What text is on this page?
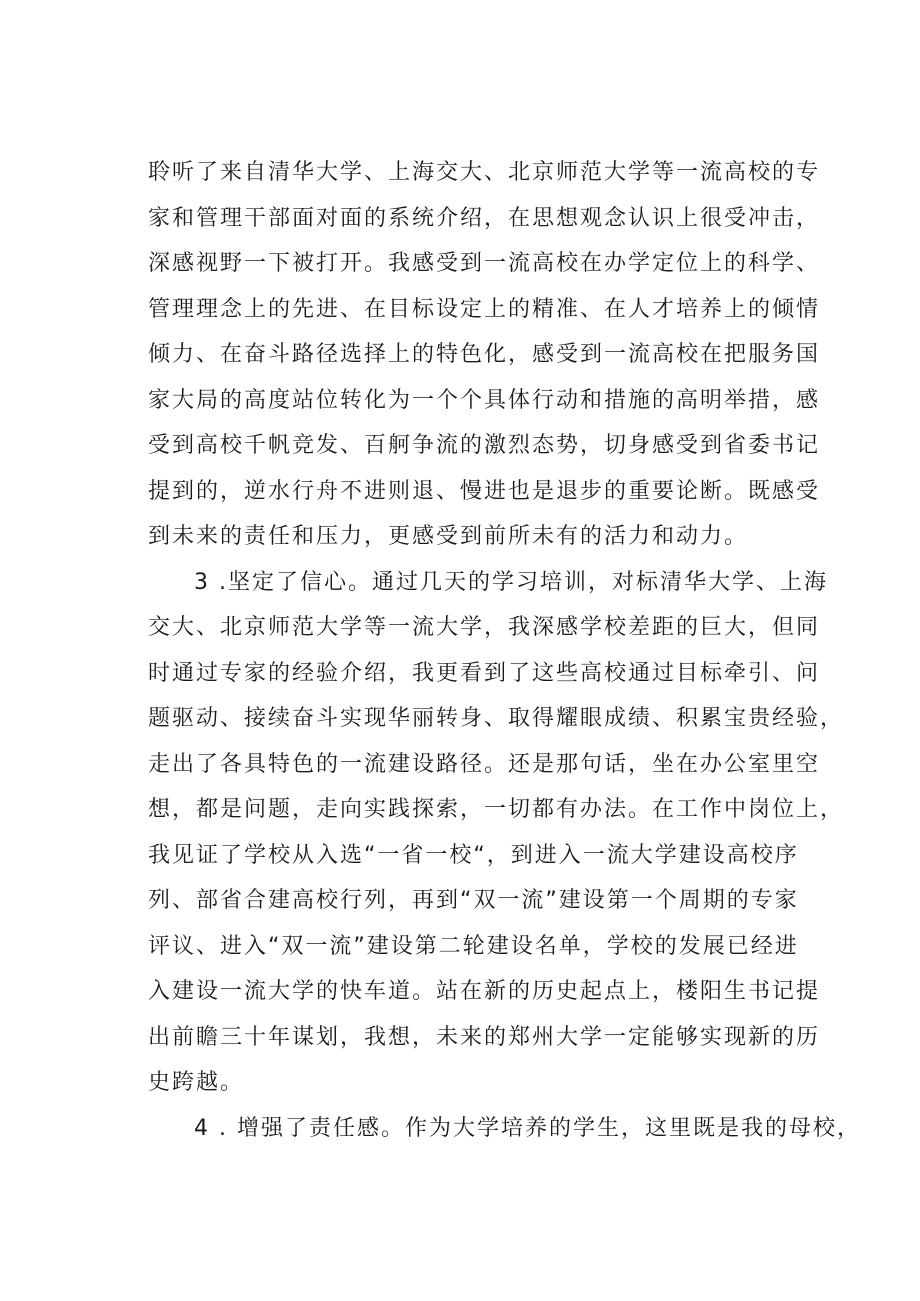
聆听了来自清华大学、上海交大、北京师范大学等一流高校的专
家和管理干部面对面的系统介绍，在思想观念认识上很受冲击，
深感视野一下被打开。我感受到一流高校在办学定位上的科学、
管理理念上的先进、在目标设定上的精准、在人才培养上的倾情
倾力、在奋斗路径选择上的特色化，感受到一流高校在把服务国
家大局的高度站位转化为一个个具体行动和措施的高明举措，感
受到高校千帆竞发、百舸争流的激烈态势，切身感受到省委书记
提到的，逆水行舟不进则退、慢进也是退步的重要论断。既感受
到未来的责任和压力，更感受到前所未有的活力和动力。
3 .坚定了信心。通过几天的学习培训，对标清华大学、上海
交大、北京师范大学等一流大学，我深感学校差距的巨大，但同
时通过专家的经验介绍，我更看到了这些高校通过目标牵引、问
题驱动、接续奋斗实现华丽转身、取得耀眼成绩、积累宝贵经验，
走出了各具特色的一流建设路径。还是那句话，坐在办公室里空
想，都是问题，走向实践探索，一切都有办法。在工作中岗位上，
我见证了学校从入选“一省一校“，到进入一流大学建设高校序
列、部省合建高校行列，再到“双一流”建设第一个周期的专家
评议、进入“双一流”建设第二轮建设名单，学校的发展已经进
入建设一流大学的快车道。站在新的历史起点上，楼阳生书记提
出前瞻三十年谋划，我想，未来的郑州大学一定能够实现新的历
史跨越。
4 . 增强了责任感。作为大学培养的学生，这里既是我的母校，
